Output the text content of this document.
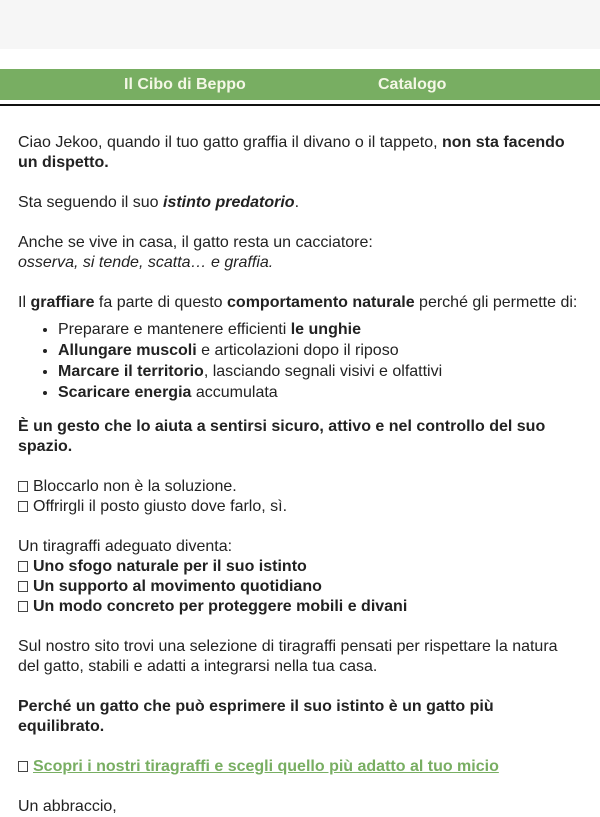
Il Cibo di Beppo	Catalogo

Ciao Jekoo, quando il tuo gatto graffia il divano o il tappeto, non sta facendo un dispetto.

Sta seguendo il suo istinto predatorio.

Anche se vive in casa, il gatto resta un cacciatore:
osserva, si tende, scatta… e graffia.

Il graffiare fa parte di questo comportamento naturale perché gli permette di:

• Preparare e mantenere efficienti le unghie
• Allungare muscoli e articolazioni dopo il riposo
• Marcare il territorio, lasciando segnali visivi e olfattivi
• Scaricare energia accumulata

È un gesto che lo aiuta a sentirsi sicuro, attivo e nel controllo del suo spazio.

Bloccarlo non è la soluzione.
Offrirgli il posto giusto dove farlo, sì.

Un tiragraffi adeguato diventa:
Uno sfogo naturale per il suo istinto
Un supporto al movimento quotidiano
Un modo concreto per proteggere mobili e divani

Sul nostro sito trovi una selezione di tiragraffi pensati per rispettare la natura del gatto, stabili e adatti a integrarsi nella tua casa.

Perché un gatto che può esprimere il suo istinto è un gatto più equilibrato.

Scopri i nostri tiragraffi e scegli quello più adatto al tuo micio

Un abbraccio,
